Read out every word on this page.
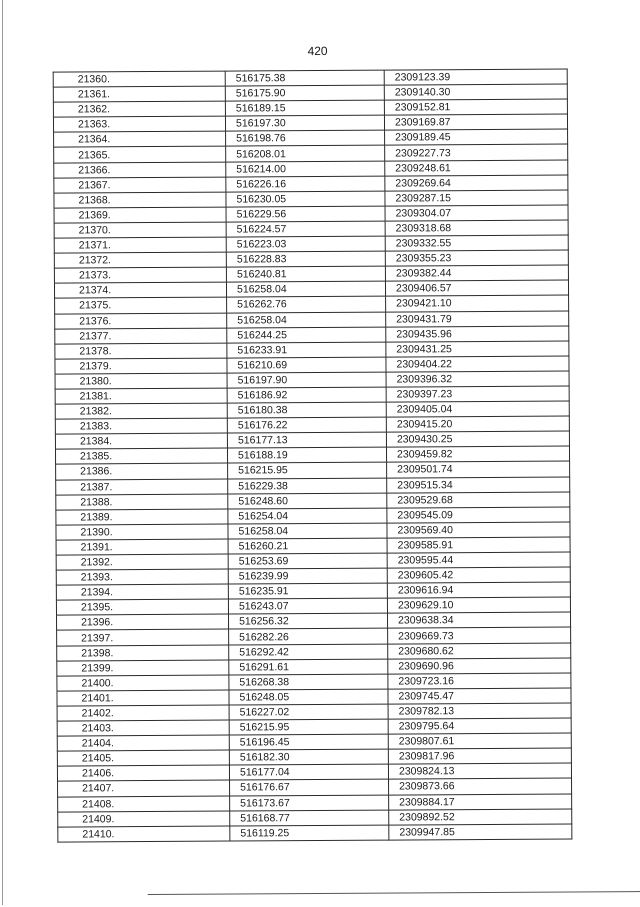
420
21360.	516175.38	2309123.39
21361.	516175.90	2309140.30
21362.	516189.15	2309152.81
21363.	516197.30	2309169.87
21364.	516198.76	2309189.45
21365.	516208.01	2309227.73
21366.	516214.00	2309248.61
21367.	516226.16	2309269.64
21368.	516230.05	2309287.15
21369.	516229.56	2309304.07
21370.	516224.57	2309318.68
21371.	516223.03	2309332.55
21372.	516228.83	2309355.23
21373.	516240.81	2309382.44
21374.	516258.04	2309406.57
21375.	516262.76	2309421.10
21376.	516258.04	2309431.79
21377.	516244.25	2309435.96
21378.	516233.91	2309431.25
21379.	516210.69	2309404.22
21380.	516197.90	2309396.32
21381.	516186.92	2309397.23
21382.	516180.38	2309405.04
21383.	516176.22	2309415.20
21384.	516177.13	2309430.25
21385.	516188.19	2309459.82
21386.	516215.95	2309501.74
21387.	516229.38	2309515.34
21388.	516248.60	2309529.68
21389.	516254.04	2309545.09
21390.	516258.04	2309569.40
21391.	516260.21	2309585.91
21392.	516253.69	2309595.44
21393.	516239.99	2309605.42
21394.	516235.91	2309616.94
21395.	516243.07	2309629.10
21396.	516256.32	2309638.34
21397.	516282.26	2309669.73
21398.	516292.42	2309680.62
21399.	516291.61	2309690.96
21400.	516268.38	2309723.16
21401.	516248.05	2309745.47
21402.	516227.02	2309782.13
21403.	516215.95	2309795.64
21404.	516196.45	2309807.61
21405.	516182.30	2309817.96
21406.	516177.04	2309824.13
21407.	516176.67	2309873.66
21408.	516173.67	2309884.17
21409.	516168.77	2309892.52
21410.	516119.25	2309947.85
